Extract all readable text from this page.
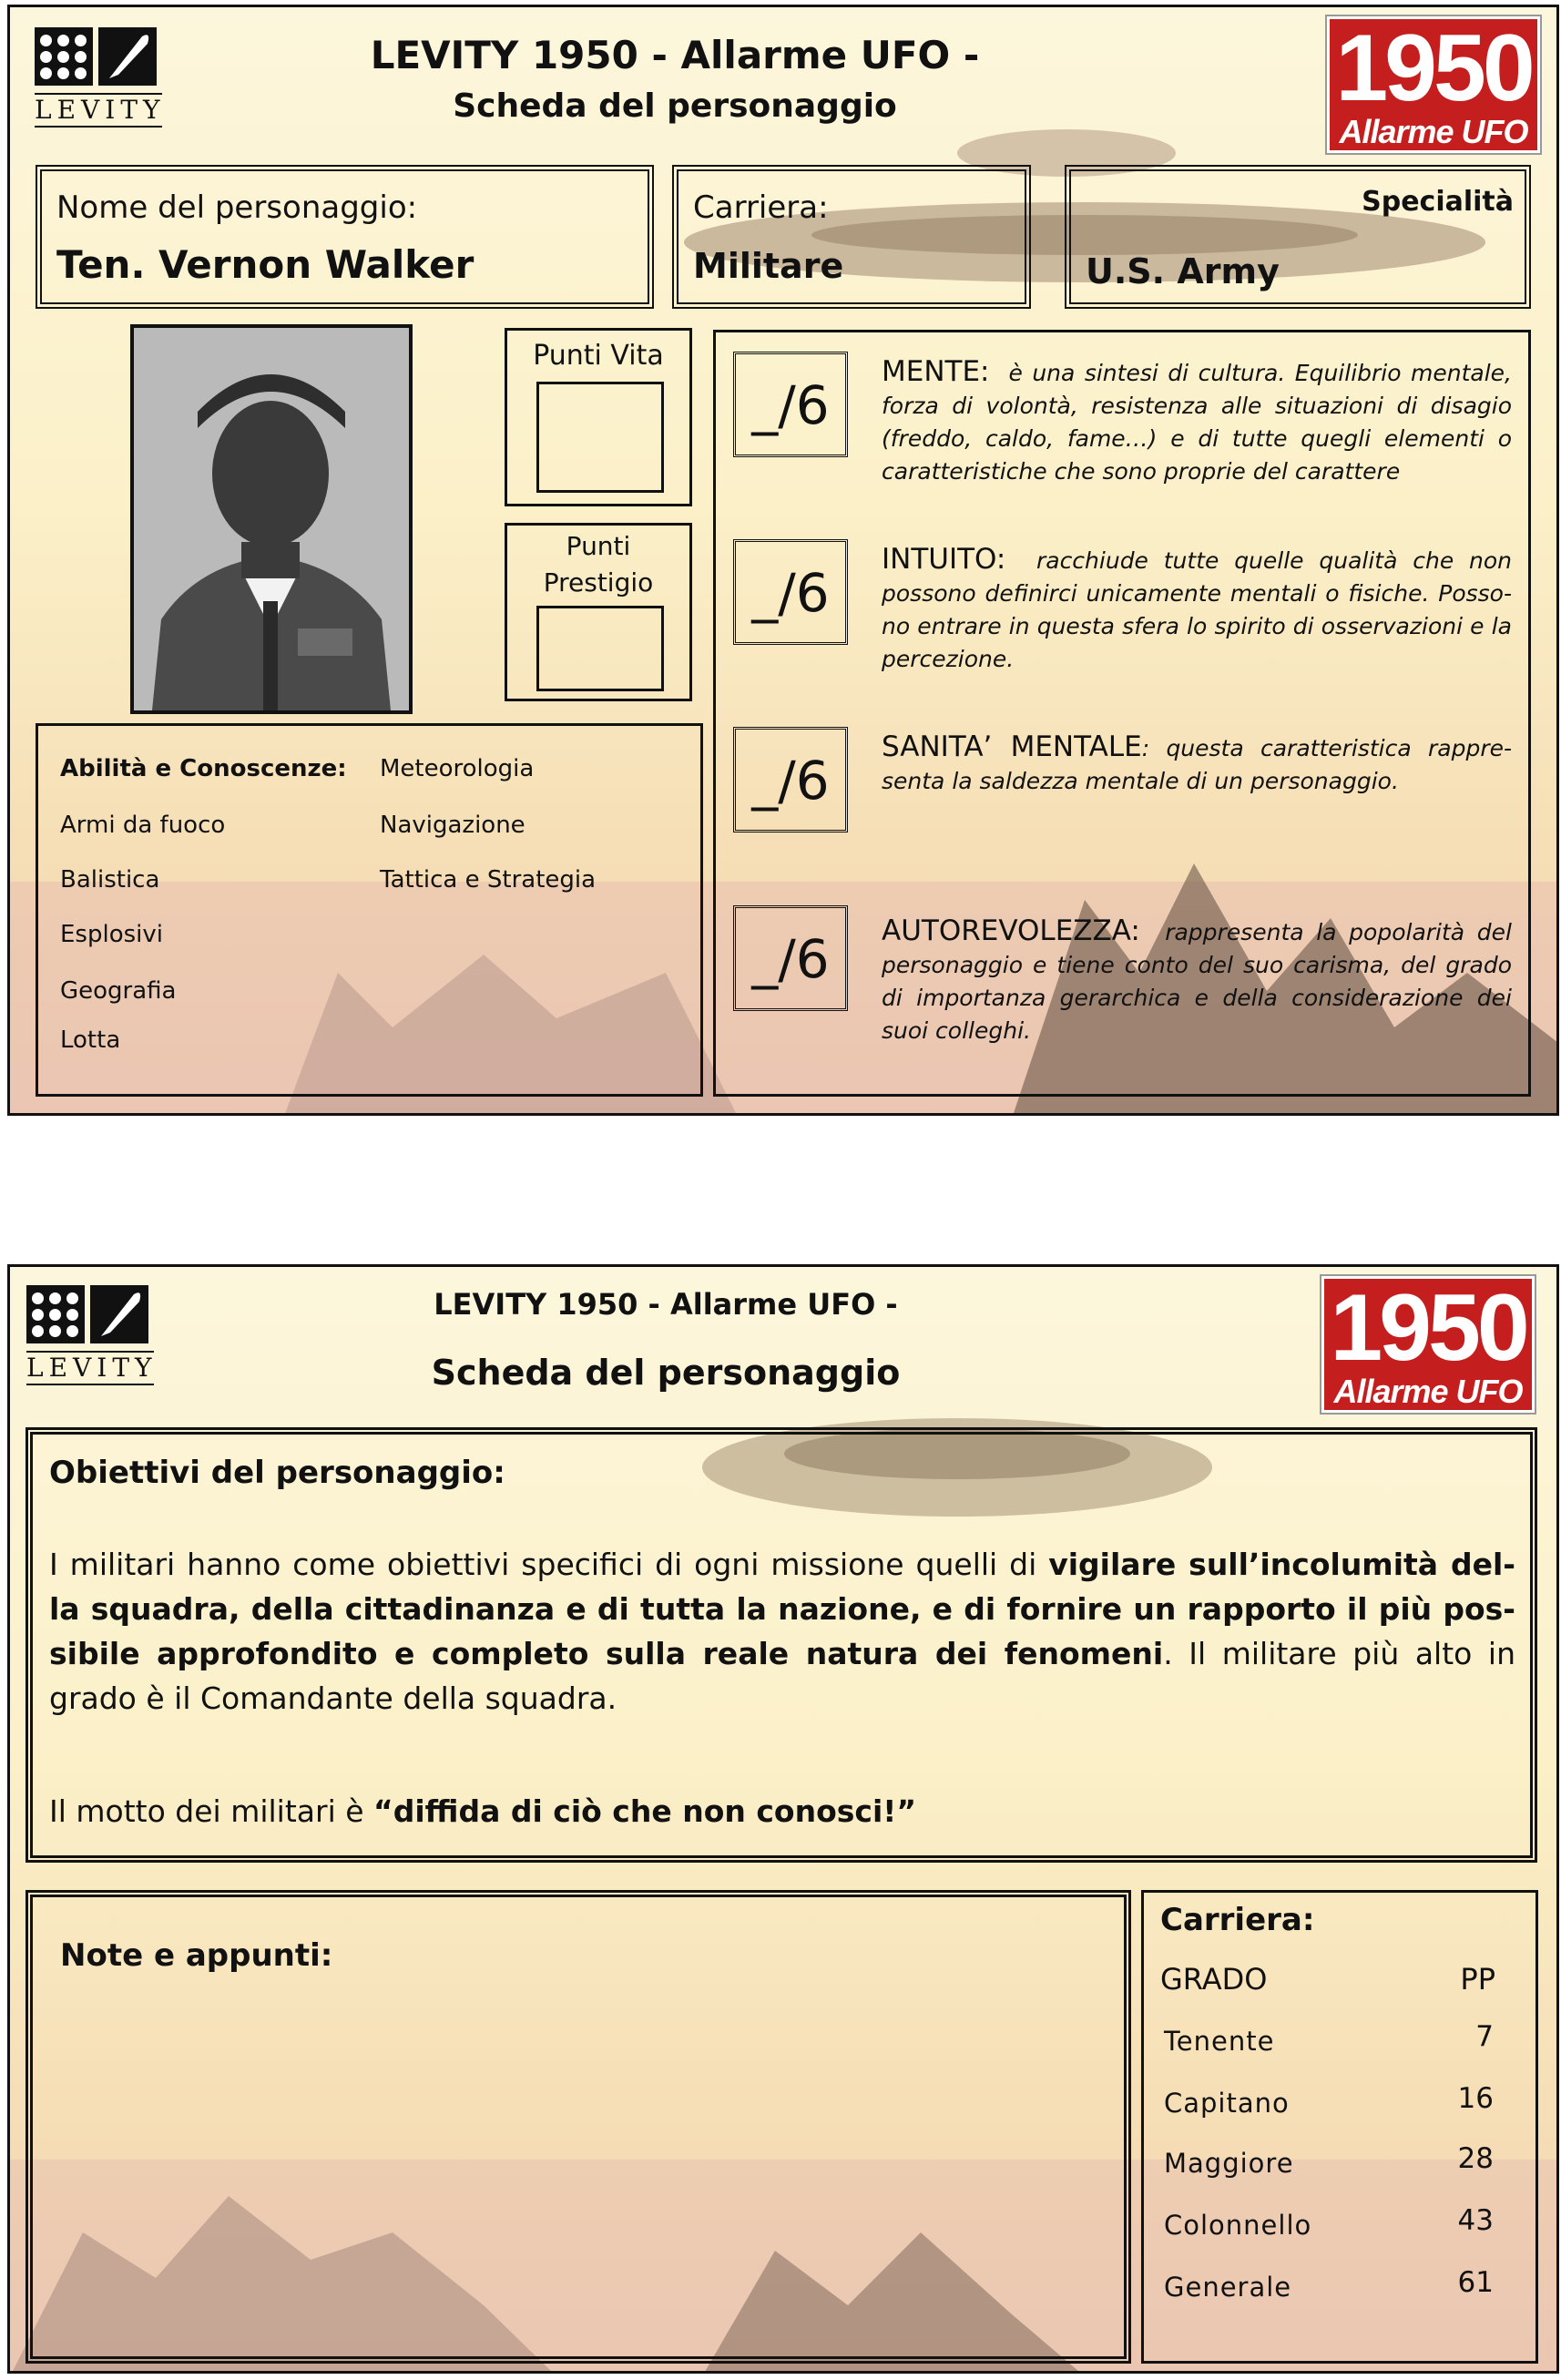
LEVITY
LEVITY 1950 - Allarme UFO -
Scheda del personaggio	1950
Allarme UFO
Nome del personaggio:
Ten. Vernon Walker
Carriera:
Militare
Specialità
U.S. Army
Punti Vita
Punti
Prestigio
_/6
MENTE: è una sintesi di cultura. Equilibrio mentale, forza di volontà, resistenza alle situazioni di disagio (freddo, caldo, fame…) e di tutte quegli elementi o caratteristiche che sono proprie del carattere
_/6
INTUITO: racchiude tutte quelle qualità che non possono definirci unicamente mentali o fisiche. Posso-no entrare in questa sfera lo spirito di osservazioni e la percezione.
_/6
SANITA’ MENTALE: questa caratteristica rappre-senta la saldezza mentale di un personaggio.
_/6	AUTOREVOLEZZA: rappresenta la popolarità del personaggio e tiene conto del suo carisma, del grado di importanza gerarchica e della considerazione dei suoi colleghi.
Abilità e Conoscenze:
Armi da fuoco
Balistica
Esplosivi
Geografia
Lotta
Meteorologia
Navigazione
Tattica e Strategia
LEVITY
LEVITY 1950 - Allarme UFO -
Scheda del personaggio	1950
Allarme UFO
Obiettivi del personaggio:
I militari hanno come obiettivi specifici di ogni missione quelli di vigilare sull’incolumità del-la squadra, della cittadinanza e di tutta la nazione, e di fornire un rapporto il più pos-sibile approfondito e completo sulla reale natura dei fenomeni. Il militare più alto in grado è il Comandante della squadra.
Il motto dei militari è “diffida di ciò che non conosci!”
Note e appunti:
Carriera:
GRADO	PP
Tenente	7
Capitano	16
Maggiore	28
Colonnello	43
Generale	61
